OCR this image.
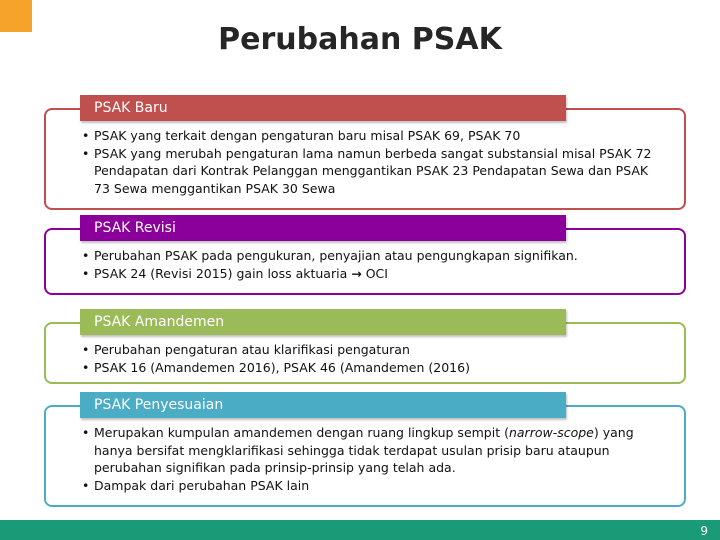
Perubahan PSAK
PSAK Baru
• PSAK yang terkait dengan pengaturan baru misal PSAK 69, PSAK 70
• PSAK yang merubah pengaturan lama namun berbeda sangat substansial misal PSAK 72 Pendapatan dari Kontrak Pelanggan menggantikan PSAK 23 Pendapatan Sewa dan PSAK 73 Sewa menggantikan PSAK 30 Sewa
PSAK Revisi
• Perubahan PSAK pada pengukuran, penyajian atau pengungkapan signifikan.
• PSAK 24 (Revisi 2015) gain loss aktuaria → OCI
PSAK Amandemen
• Perubahan pengaturan atau klarifikasi pengaturan
• PSAK 16 (Amandemen 2016), PSAK 46 (Amandemen (2016)
PSAK Penyesuaian
• Merupakan kumpulan amandemen dengan ruang lingkup sempit (narrow-scope) yang hanya bersifat mengklarifikasi sehingga tidak terdapat usulan prisip baru ataupun perubahan signifikan pada prinsip-prinsip yang telah ada.
• Dampak dari perubahan PSAK lain
9
